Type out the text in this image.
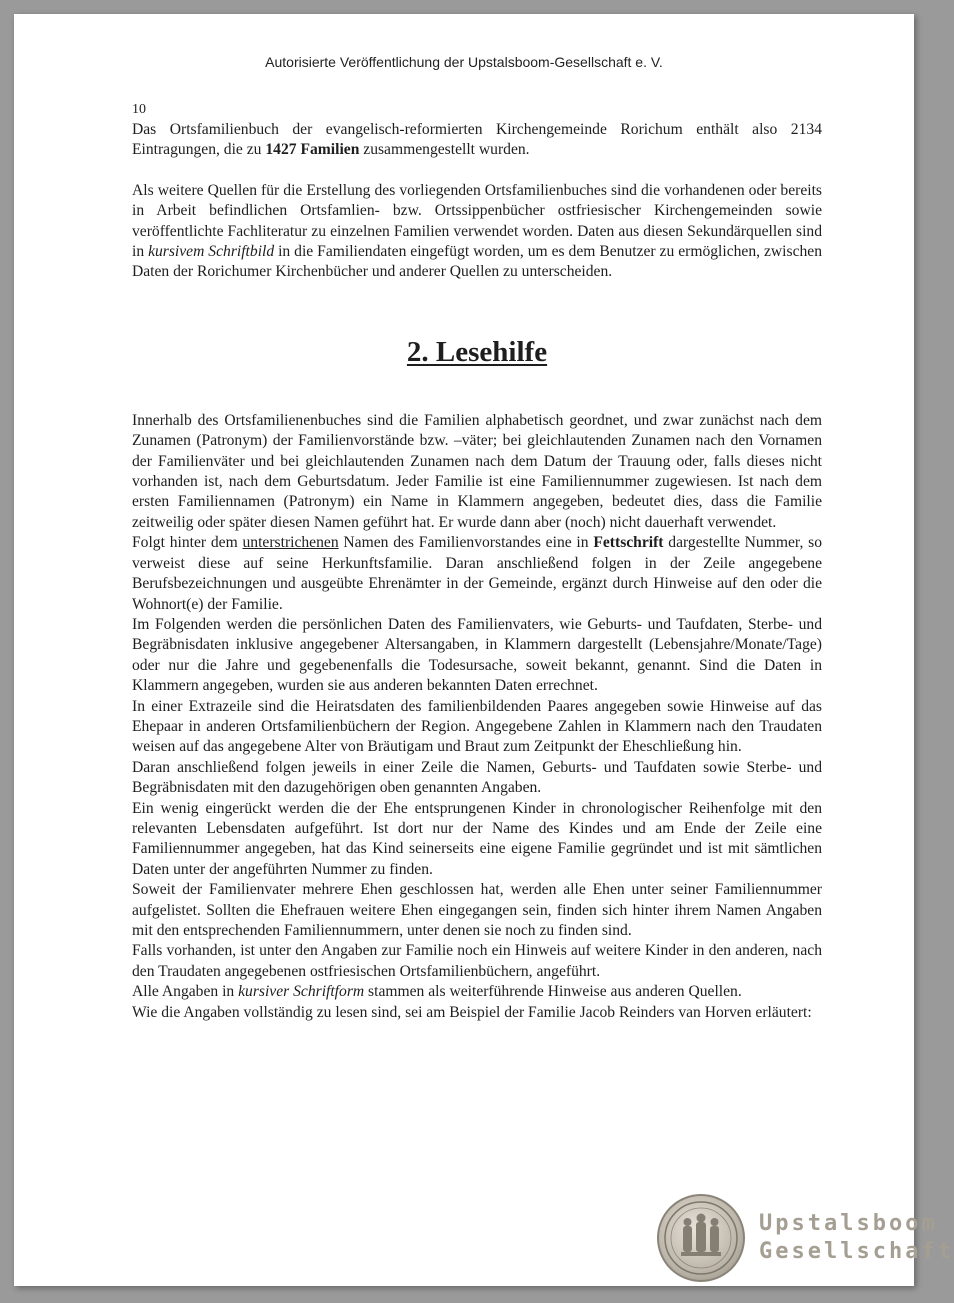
Autorisierte Veröffentlichung der Upstalsboom-Gesellschaft e. V.

10

Das Ortsfamilienbuch der evangelisch-reformierten Kirchengemeinde Rorichum enthält also 2134 Eintragungen, die zu 1427 Familien zusammengestellt wurden.

Als weitere Quellen für die Erstellung des vorliegenden Ortsfamilienbuches sind die vorhandenen oder bereits in Arbeit befindlichen Ortsfamlien- bzw. Ortssippenbücher ostfriesischer Kirchengemeinden sowie veröffentlichte Fachliteratur zu einzelnen Familien verwendet worden. Daten aus diesen Sekundärquellen sind in kursivem Schriftbild in die Familiendaten eingefügt worden, um es dem Benutzer zu ermöglichen, zwischen Daten der Rorichumer Kirchenbücher und anderer Quellen zu unterscheiden.

2. Lesehilfe

Innerhalb des Ortsfamilienenbuches sind die Familien alphabetisch geordnet, und zwar zunächst nach dem Zunamen (Patronym) der Familienvorstände bzw. –väter; bei gleichlautenden Zunamen nach den Vornamen der Familienväter und bei gleichlautenden Zunamen nach dem Datum der Trauung oder, falls dieses nicht vorhanden ist, nach dem Geburtsdatum. Jeder Familie ist eine Familiennummer zugewiesen. Ist nach dem ersten Familiennamen (Patronym) ein Name in Klammern angegeben, bedeutet dies, dass die Familie zeitweilig oder später diesen Namen geführt hat. Er wurde dann aber (noch) nicht dauerhaft verwendet.

Folgt hinter dem unterstrichenen Namen des Familienvorstandes eine in Fettschrift dargestellte Nummer, so verweist diese auf seine Herkunftsfamilie. Daran anschließend folgen in der Zeile angegebene Berufsbezeichnungen und ausgeübte Ehrenämter in der Gemeinde, ergänzt durch Hinweise auf den oder die Wohnort(e) der Familie.

Im Folgenden werden die persönlichen Daten des Familienvaters, wie Geburts- und Taufdaten, Sterbe- und Begräbnisdaten inklusive angegebener Altersangaben, in Klammern dargestellt (Lebensjahre/Monate/Tage) oder nur die Jahre und gegebenenfalls die Todesursache, soweit bekannt, genannt. Sind die Daten in Klammern angegeben, wurden sie aus anderen bekannten Daten errechnet.

In einer Extrazeile sind die Heiratsdaten des familienbildenden Paares angegeben sowie Hinweise auf das Ehepaar in anderen Ortsfamilienbüchern der Region. Angegebene Zahlen in Klammern nach den Traudaten weisen auf das angegebene Alter von Bräutigam und Braut zum Zeitpunkt der Eheschließung hin.

Daran anschließend folgen jeweils in einer Zeile die Namen, Geburts- und Taufdaten sowie Sterbe- und Begräbnisdaten mit den dazugehörigen oben genannten Angaben.

Ein wenig eingerückt werden die der Ehe entsprungenen Kinder in chronologischer Reihenfolge mit den relevanten Lebensdaten aufgeführt. Ist dort nur der Name des Kindes und am Ende der Zeile eine Familiennummer angegeben, hat das Kind seinerseits eine eigene Familie gegründet und ist mit sämtlichen Daten unter der angeführten Nummer zu finden.

Soweit der Familienvater mehrere Ehen geschlossen hat, werden alle Ehen unter seiner Familiennummer aufgelistet. Sollten die Ehefrauen weitere Ehen eingegangen sein, finden sich hinter ihrem Namen Angaben mit den entsprechenden Familiennummern, unter denen sie noch zu finden sind.

Falls vorhanden, ist unter den Angaben zur Familie noch ein Hinweis auf weitere Kinder in den anderen, nach den Traudaten angegebenen ostfriesischen Ortsfamilienbüchern, angeführt.

Alle Angaben in kursiver Schriftform stammen als weiterführende Hinweise aus anderen Quellen.

Wie die Angaben vollständig zu lesen sind, sei am Beispiel der Familie Jacob Reinders van Horven erläutert:

Upstalsboom
Gesellschaft
